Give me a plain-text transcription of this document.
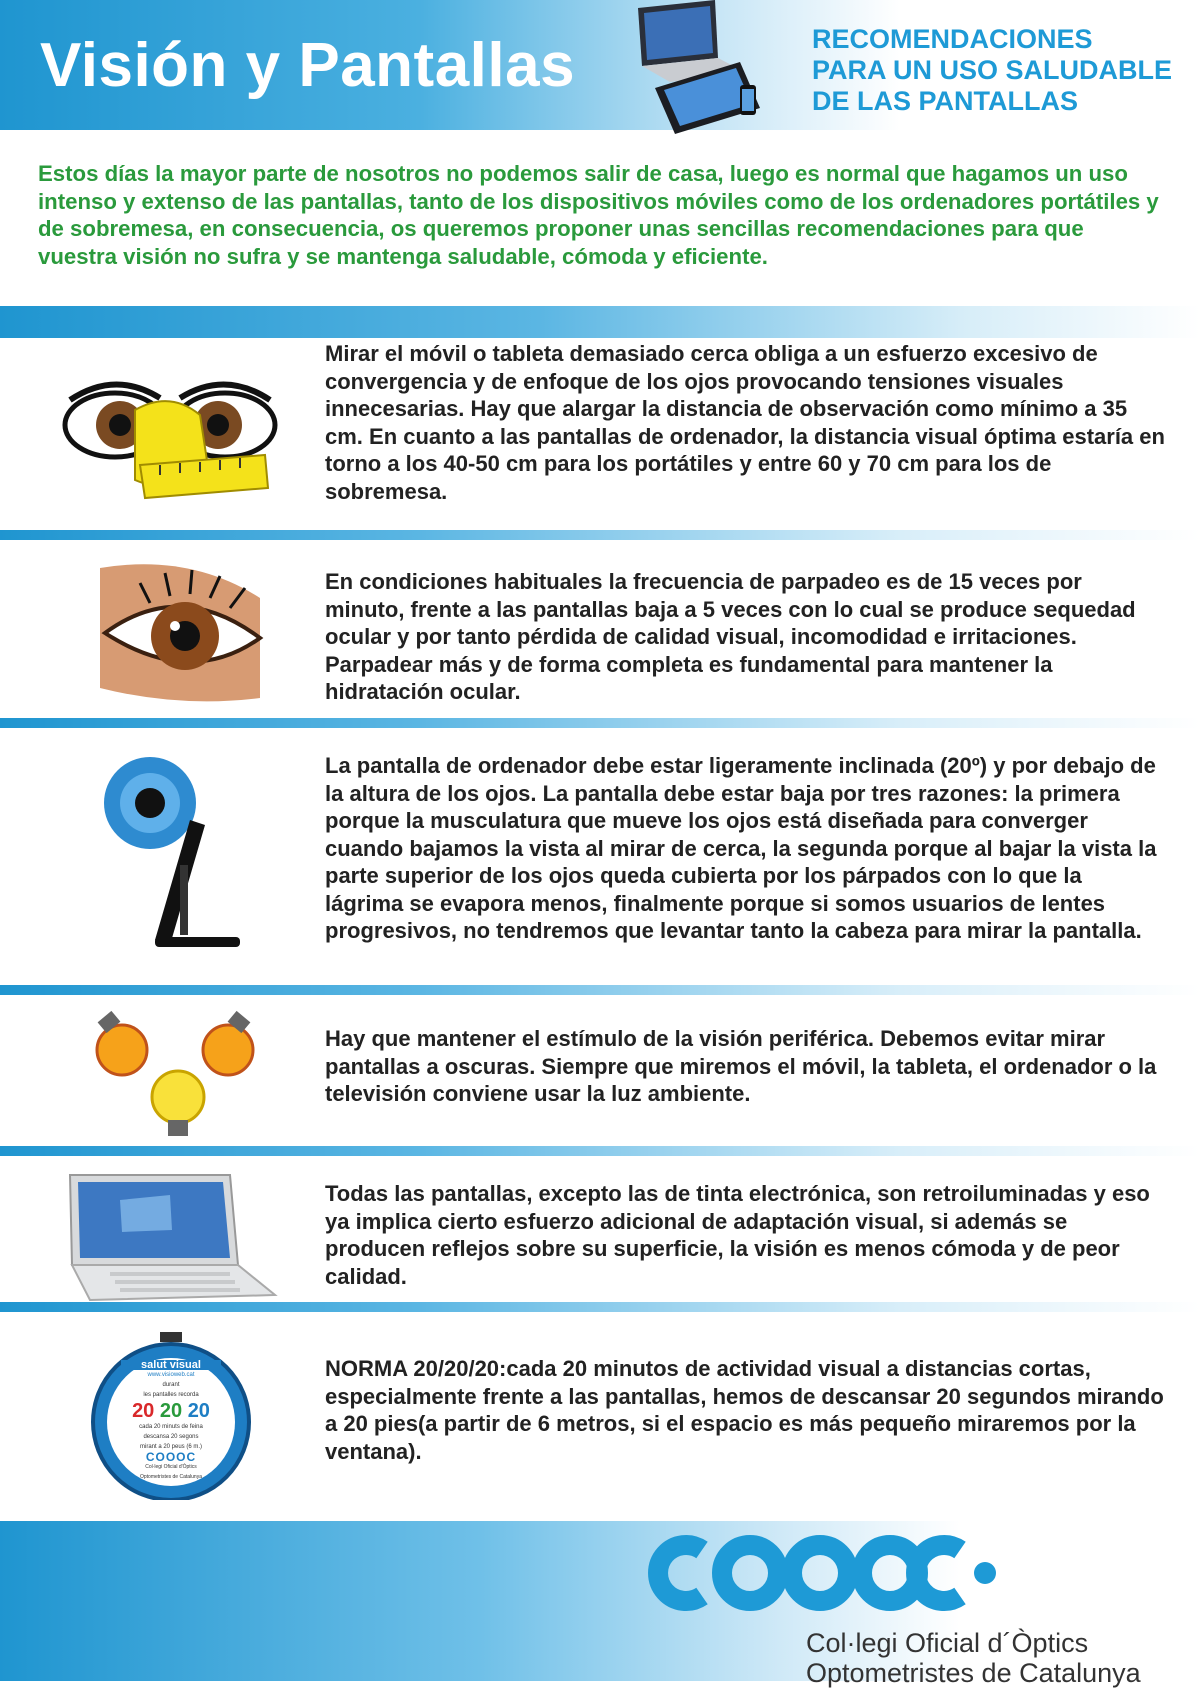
Visión y Pantallas	RECOMENDACIONES
PARA UN USO SALUDABLE
DE LAS PANTALLAS

Estos días la mayor parte de nosotros no podemos salir de casa, luego es normal que hagamos un uso intenso y extenso de las pantallas, tanto de los dispositivos móviles como de los ordenadores portátiles y de sobremesa, en consecuencia, os queremos proponer unas sencillas recomendaciones para que vuestra visión no sufra y se mantenga saludable, cómoda y eficiente.

Mirar el móvil o tableta demasiado cerca obliga a un esfuerzo excesivo de convergencia y de enfoque de los ojos provocando tensiones visuales innecesarias. Hay que alargar la distancia de observación como mínimo a 35 cm. En cuanto a las pantallas de ordenador, la distancia visual óptima estaría en torno a los 40-50 cm para los portátiles y entre 60 y 70 cm para los de sobremesa.

En condiciones habituales la frecuencia de parpadeo es de 15 veces por minuto, frente a las pantallas baja a 5 veces con lo cual se produce sequedad ocular y por tanto pérdida de calidad visual, incomodidad e irritaciones. Parpadear más y de forma completa es fundamental para mantener la hidratación ocular.

La pantalla de ordenador debe estar ligeramente inclinada (20º) y por debajo de la altura de los ojos. La pantalla debe estar baja por tres razones: la primera porque la musculatura que mueve los ojos está diseñada para converger cuando bajamos la vista al mirar de cerca, la segunda porque al bajar la vista la parte superior de los ojos queda cubierta por los párpados con lo que la lágrima se evapora menos, finalmente porque si somos usuarios de lentes progresivos, no tendremos que levantar tanto la cabeza para mirar la pantalla.

Hay que mantener el estímulo de la visión periférica. Debemos evitar mirar pantallas a oscuras. Siempre que miremos el móvil, la tableta, el ordenador o la televisión conviene usar la luz ambiente.

Todas las pantallas, excepto las de tinta electrónica, son retroiluminadas y eso ya implica cierto esfuerzo adicional de adaptación visual, si además se producen reflejos sobre su superficie, la visión es menos cómoda y de peor calidad.

salut visual
www.visioweb.cat
durant
les pantalles recorda
20 20 20
cada 20 minuts de feina
descansa 20 segons
mirant a 20 peus (6 m.)
COOOC
Col·legi Oficial d'Òptics
Optometristes de Catalunya

NORMA 20/20/20:cada 20 minutos de actividad visual a distancias cortas, especialmente frente a las pantallas, hemos de descansar 20 segundos mirando a 20 pies(a partir de 6 metros, si el espacio es más pequeño miraremos por la ventana).

Col·legi Oficial d´Òptics
Optometristes de Catalunya
